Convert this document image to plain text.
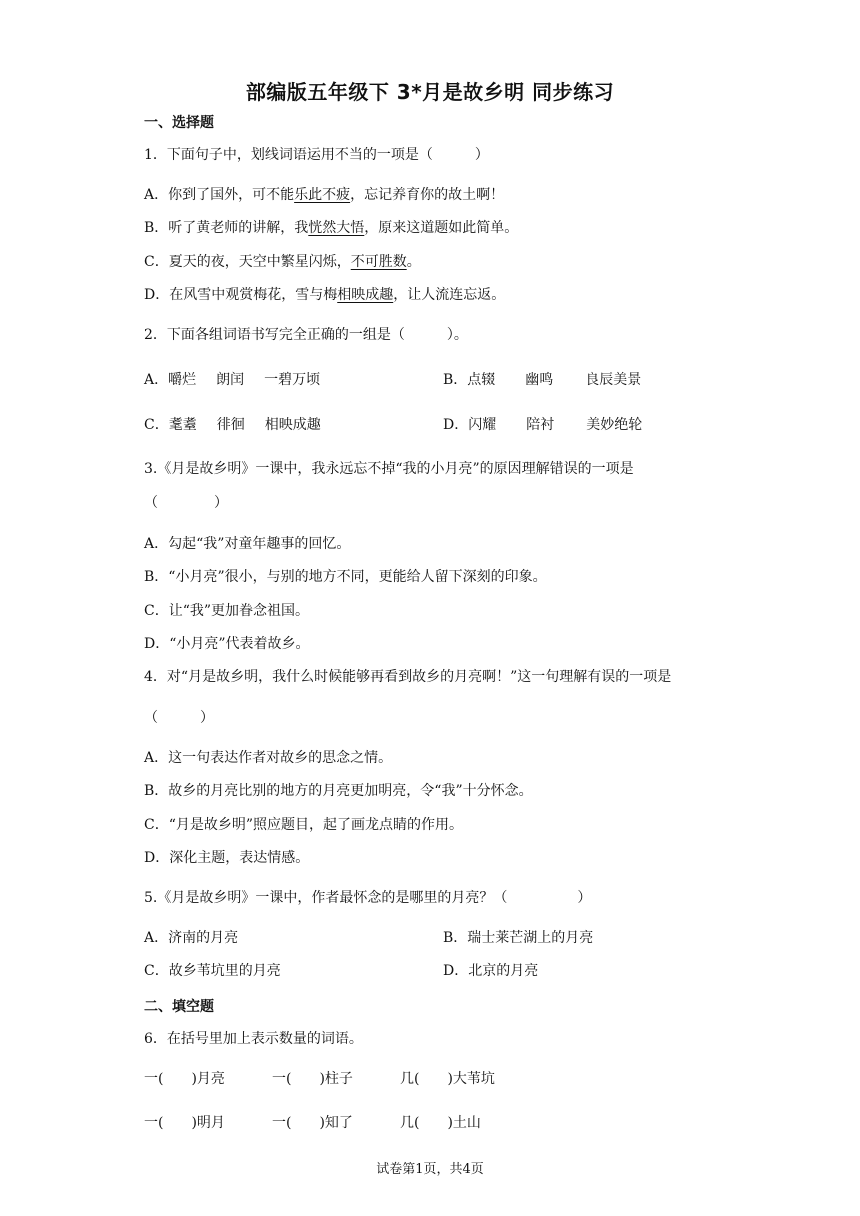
部编版五年级下 3*月是故乡明 同步练习
一、选择题
1．下面句子中，划线词语运用不当的一项是（　　　）
A．你到了国外，可不能乐此不疲，忘记养育你的故土啊！
B．听了黄老师的讲解，我恍然大悟，原来这道题如此简单。
C．夏天的夜，天空中繁星闪烁，不可胜数。
D．在风雪中观赏梅花，雪与梅相映成趣，让人流连忘返。
2．下面各组词语书写完全正确的一组是（　　　）。
A．嚼烂 朗闰 一碧万顷	B．点辍 幽鸣 良辰美景
C．耄耋 徘徊 相映成趣	D．闪耀 陪衬 美妙绝轮
3.《月是故乡明》一课中，我永远忘不掉“我的小月亮”的原因理解错误的一项是
（　　　　）
A．勾起“我”对童年趣事的回忆。
B．“小月亮”很小，与别的地方不同，更能给人留下深刻的印象。
C．让“我”更加眷念祖国。
D．“小月亮”代表着故乡。
4．对“月是故乡明，我什么时候能够再看到故乡的月亮啊！”这一句理解有误的一项是
（　　　）
A．这一句表达作者对故乡的思念之情。
B．故乡的月亮比别的地方的月亮更加明亮，令“我”十分怀念。
C．“月是故乡明”照应题目，起了画龙点睛的作用。
D．深化主题，表达情感。
5.《月是故乡明》一课中，作者最怀念的是哪里的月亮？（　　　　　）
A．济南的月亮	B．瑞士莱芒湖上的月亮
C．故乡苇坑里的月亮	D．北京的月亮
二、填空题
6．在括号里加上表示数量的词语。
一(　　)月亮	一(　　)柱子	几(　　)大苇坑
一(　　)明月	一(　　)知了	几(　　)土山
试卷第1页，共4页
